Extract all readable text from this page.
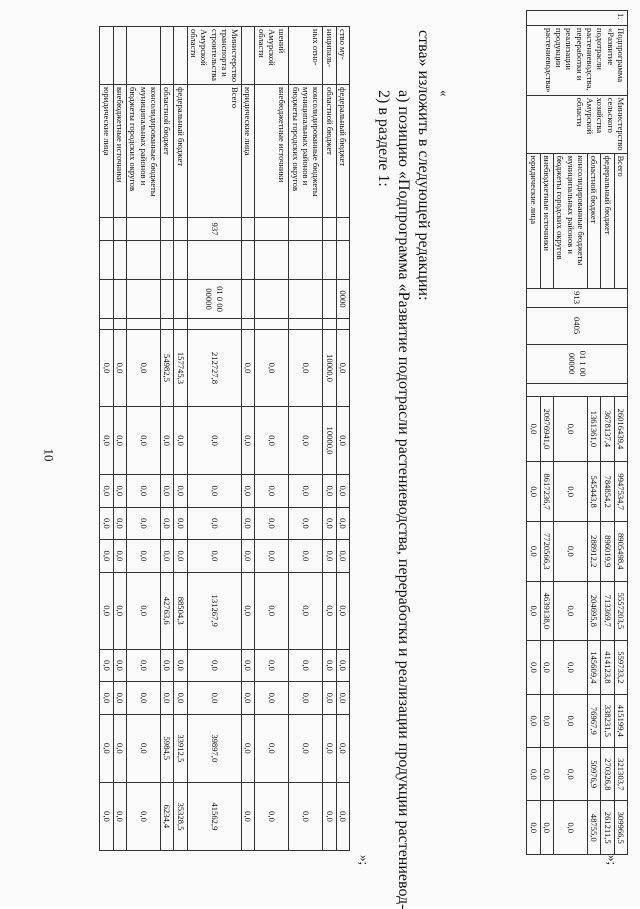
10
1.	Подпрограмма «Развитие подотрасли растениеводства, переработки и реализации продукции растениеводства»	Министерство сельского хозяйства Амурской области	Всего	913	0405	01 1 00 00000		26016439,4	9947534,7	8905498,4	5557203,5	559733,2	415199,4	321303,7	309966,5
			федеральный бюджет					3678137,4	784854,2	896019,9	713369,7	414123,8	338231,5	270326,8	261211,5
			областной бюджет					1361361,0	545443,8	288912,2	204695,8	145609,4	76967,9	50976,9	48755,0
			консолидированные бюджеты муниципальных районов и бюджеты городских округов					0,0	0,0	0,0	0,0	0,0	0,0	0,0	0,0
			внебюджетные источники					20976941,0	8617236,7	7720566,3	4639138,0	0,0	0,0	0,0	0,0
			юридические лица					0,0	0,0	0,0	0,0	0,0	0,0	0,0	0,0
»;
«
ства» изложить в следующей редакции:
а) позицию «Подпрограмма «Развитие подотрасли растениеводства, переработки и реализации продукции растениевод-
2) в разделе 1:
ство му-	федеральный бюджет			0000		0,0	0,0	0,0	0,0	0,0	0,0	0,0	0,0	0,0	0,0
ниципаль-	областной бюджет					10000,0	10000,0	0,0	0,0	0,0	0,0	0,0	0,0	0,0	0,0
ных отно-	консолидированные бюджеты муниципальных районов и бюджеты городских округов					0,0	0,0	0,0	0,0	0,0	0,0	0,0	0,0	0,0	0,0
шений Амурской области	внебюджетные источники					0,0	0,0	0,0	0,0	0,0	0,0	0,0	0,0	0,0	0,0
	юридические лица					0,0	0,0	0,0	0,0	0,0	0,0	0,0	0,0	0,0	0,0
Министерство транспорта и строительства Амурской области	Всего	937		01 0 00 00000		212727,8	0,0	0,0	0,0	0,0	131267,9	0,0	0,0	39897,0	41562,9
	федеральный бюджет					157745,3	0,0	0,0	0,0	0,0	88504,3	0,0	0,0	33912,5	35328,5
	областной бюджет					54982,5	0,0	0,0	0,0	0,0	42763,6	0,0	0,0	5984,5	6234,4
	консолидированные бюджеты муниципальных районов и бюджеты городских округов					0,0	0,0	0,0	0,0	0,0	0,0	0,0	0,0	0,0	0,0
	внебюджетные источники					0,0	0,0	0,0	0,0	0,0	0,0	0,0	0,0	0,0	0,0
	юридические лица					0,0	0,0	0,0	0,0	0,0	0,0	0,0	0,0	0,0	0,0
»;
